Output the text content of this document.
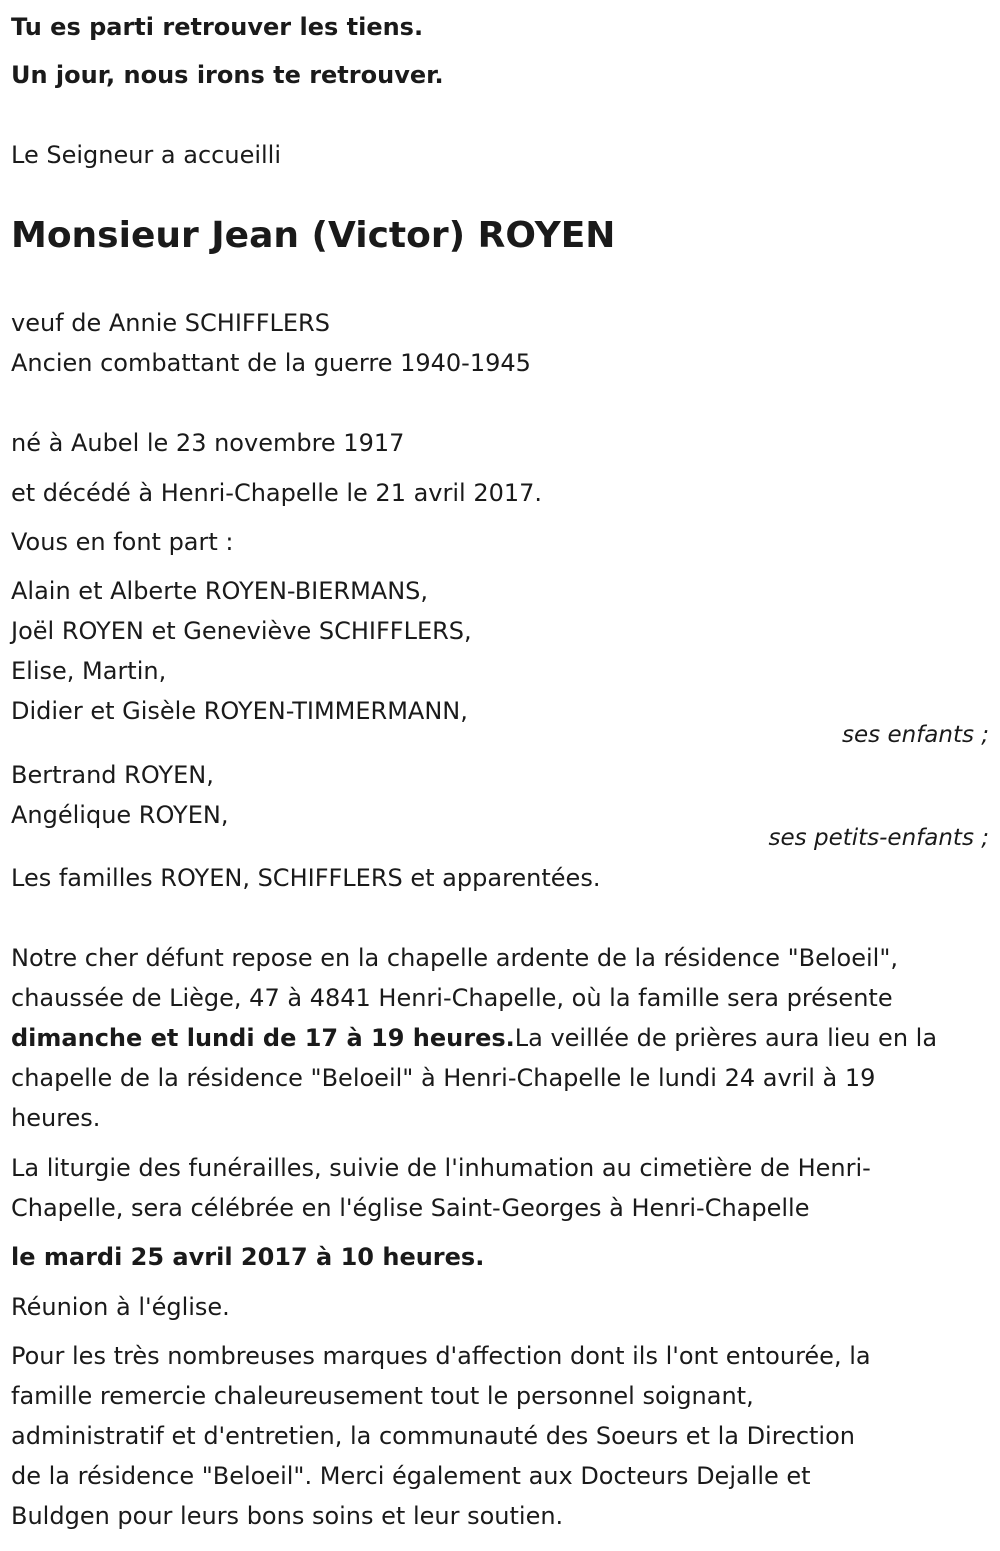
Tu es parti retrouver les tiens.

Un jour, nous irons te retrouver.

Le Seigneur a accueilli

Monsieur Jean (Victor) ROYEN

veuf de Annie SCHIFFLERS

Ancien combattant de la guerre 1940-1945

né à Aubel le 23 novembre 1917

et décédé à Henri-Chapelle le 21 avril 2017.

Vous en font part :

Alain et Alberte ROYEN-BIERMANS,

Joël ROYEN et Geneviève SCHIFFLERS,

Elise, Martin,

Didier et Gisèle ROYEN-TIMMERMANN,

ses enfants ;

Bertrand ROYEN,

Angélique ROYEN,

ses petits-enfants ;

Les familles ROYEN, SCHIFFLERS et apparentées.

Notre cher défunt repose en la chapelle ardente de la résidence "Beloeil",

chaussée de Liège, 47 à 4841 Henri-Chapelle, où la famille sera présente

dimanche et lundi de 17 à 19 heures.La veillée de prières aura lieu en la

chapelle de la résidence "Beloeil" à Henri-Chapelle le lundi 24 avril à 19

heures.

La liturgie des funérailles, suivie de l'inhumation au cimetière de Henri-

Chapelle, sera célébrée en l'église Saint-Georges à Henri-Chapelle

le mardi 25 avril 2017 à 10 heures.

Réunion à l'église.

Pour les très nombreuses marques d'affection dont ils l'ont entourée, la

famille remercie chaleureusement tout le personnel soignant,

administratif et d'entretien, la communauté des Soeurs et la Direction

de la résidence "Beloeil". Merci également aux Docteurs Dejalle et

Buldgen pour leurs bons soins et leur soutien.
